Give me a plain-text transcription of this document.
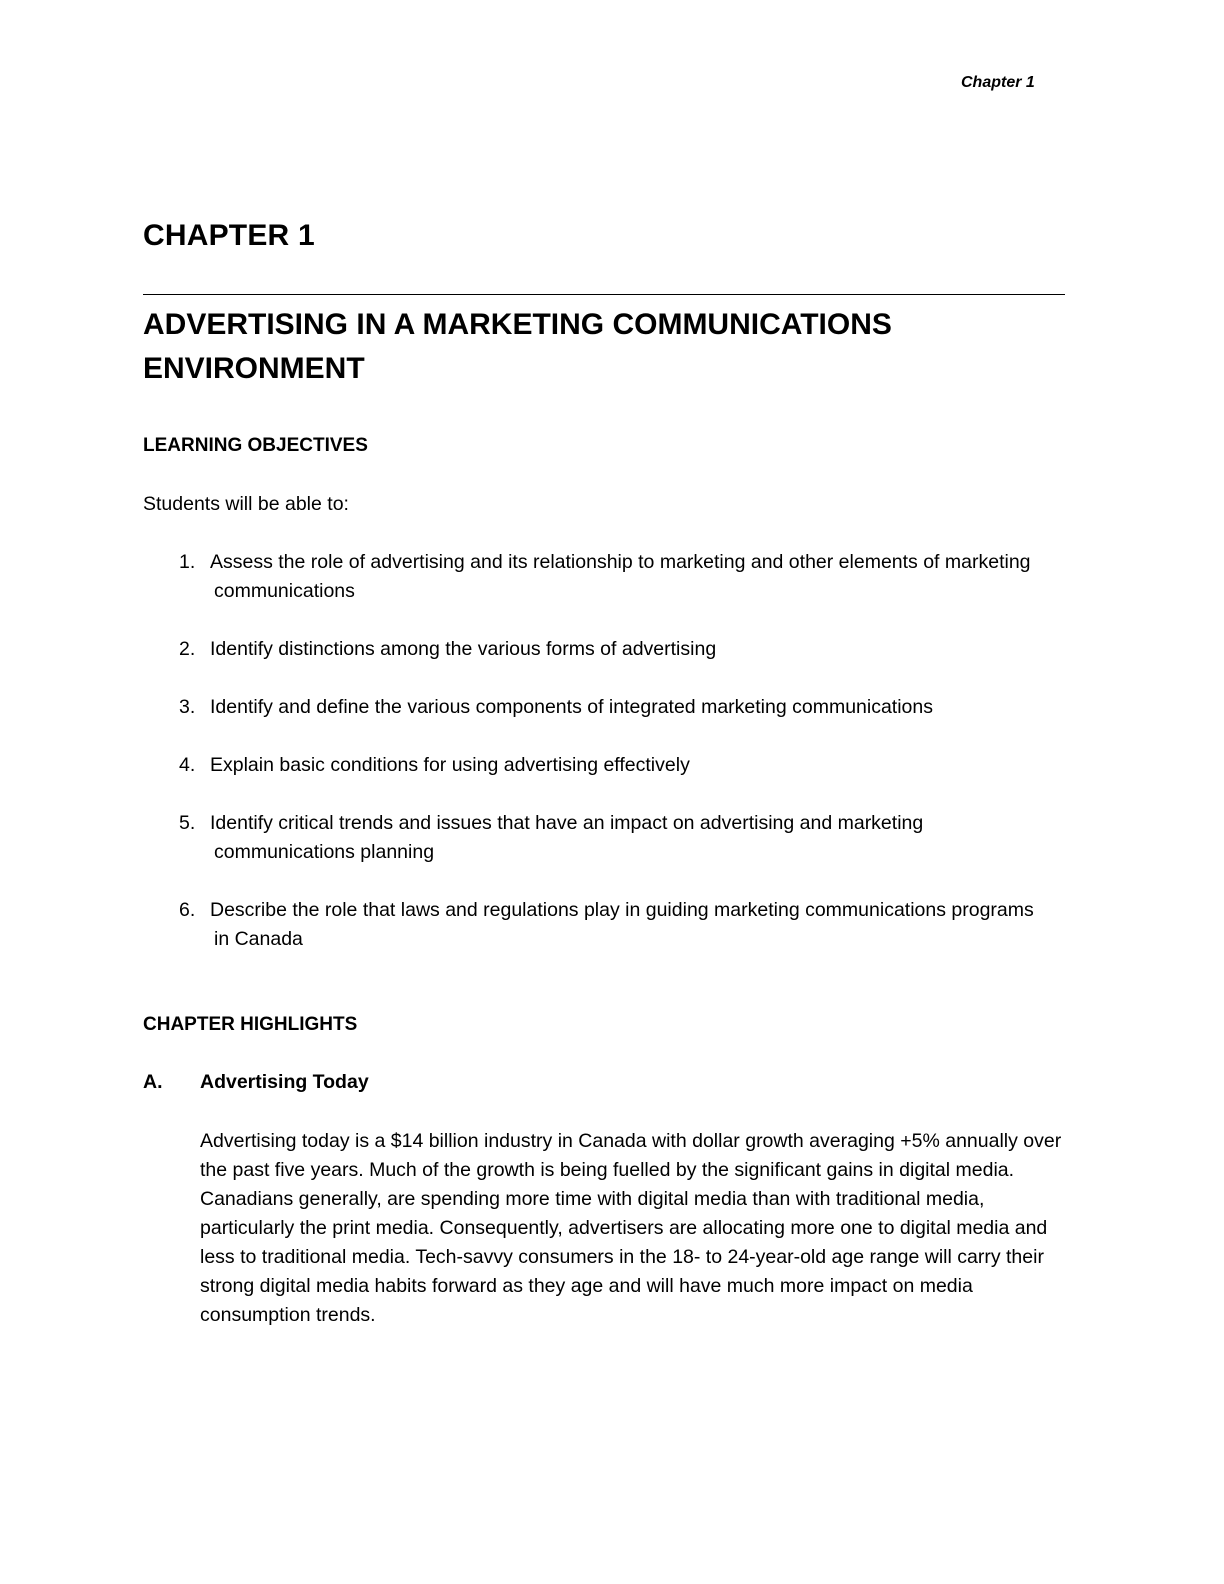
Chapter 1
CHAPTER 1
ADVERTISING IN A MARKETING COMMUNICATIONS ENVIRONMENT
LEARNING OBJECTIVES
Students will be able to:
1. Assess the role of advertising and its relationship to marketing and other elements of marketing communications
2. Identify distinctions among the various forms of advertising
3. Identify and define the various components of integrated marketing communications
4. Explain basic conditions for using advertising effectively
5. Identify critical trends and issues that have an impact on advertising and marketing communications planning
6. Describe the role that laws and regulations play in guiding marketing communications programs in Canada
CHAPTER HIGHLIGHTS
A. Advertising Today

Advertising today is a $14 billion industry in Canada with dollar growth averaging +5% annually over the past five years. Much of the growth is being fuelled by the significant gains in digital media. Canadians generally, are spending more time with digital media than with traditional media, particularly the print media. Consequently, advertisers are allocating more one to digital media and less to traditional media. Tech-savvy consumers in the 18- to 24-year-old age range will carry their strong digital media habits forward as they age and will have much more impact on media consumption trends.
